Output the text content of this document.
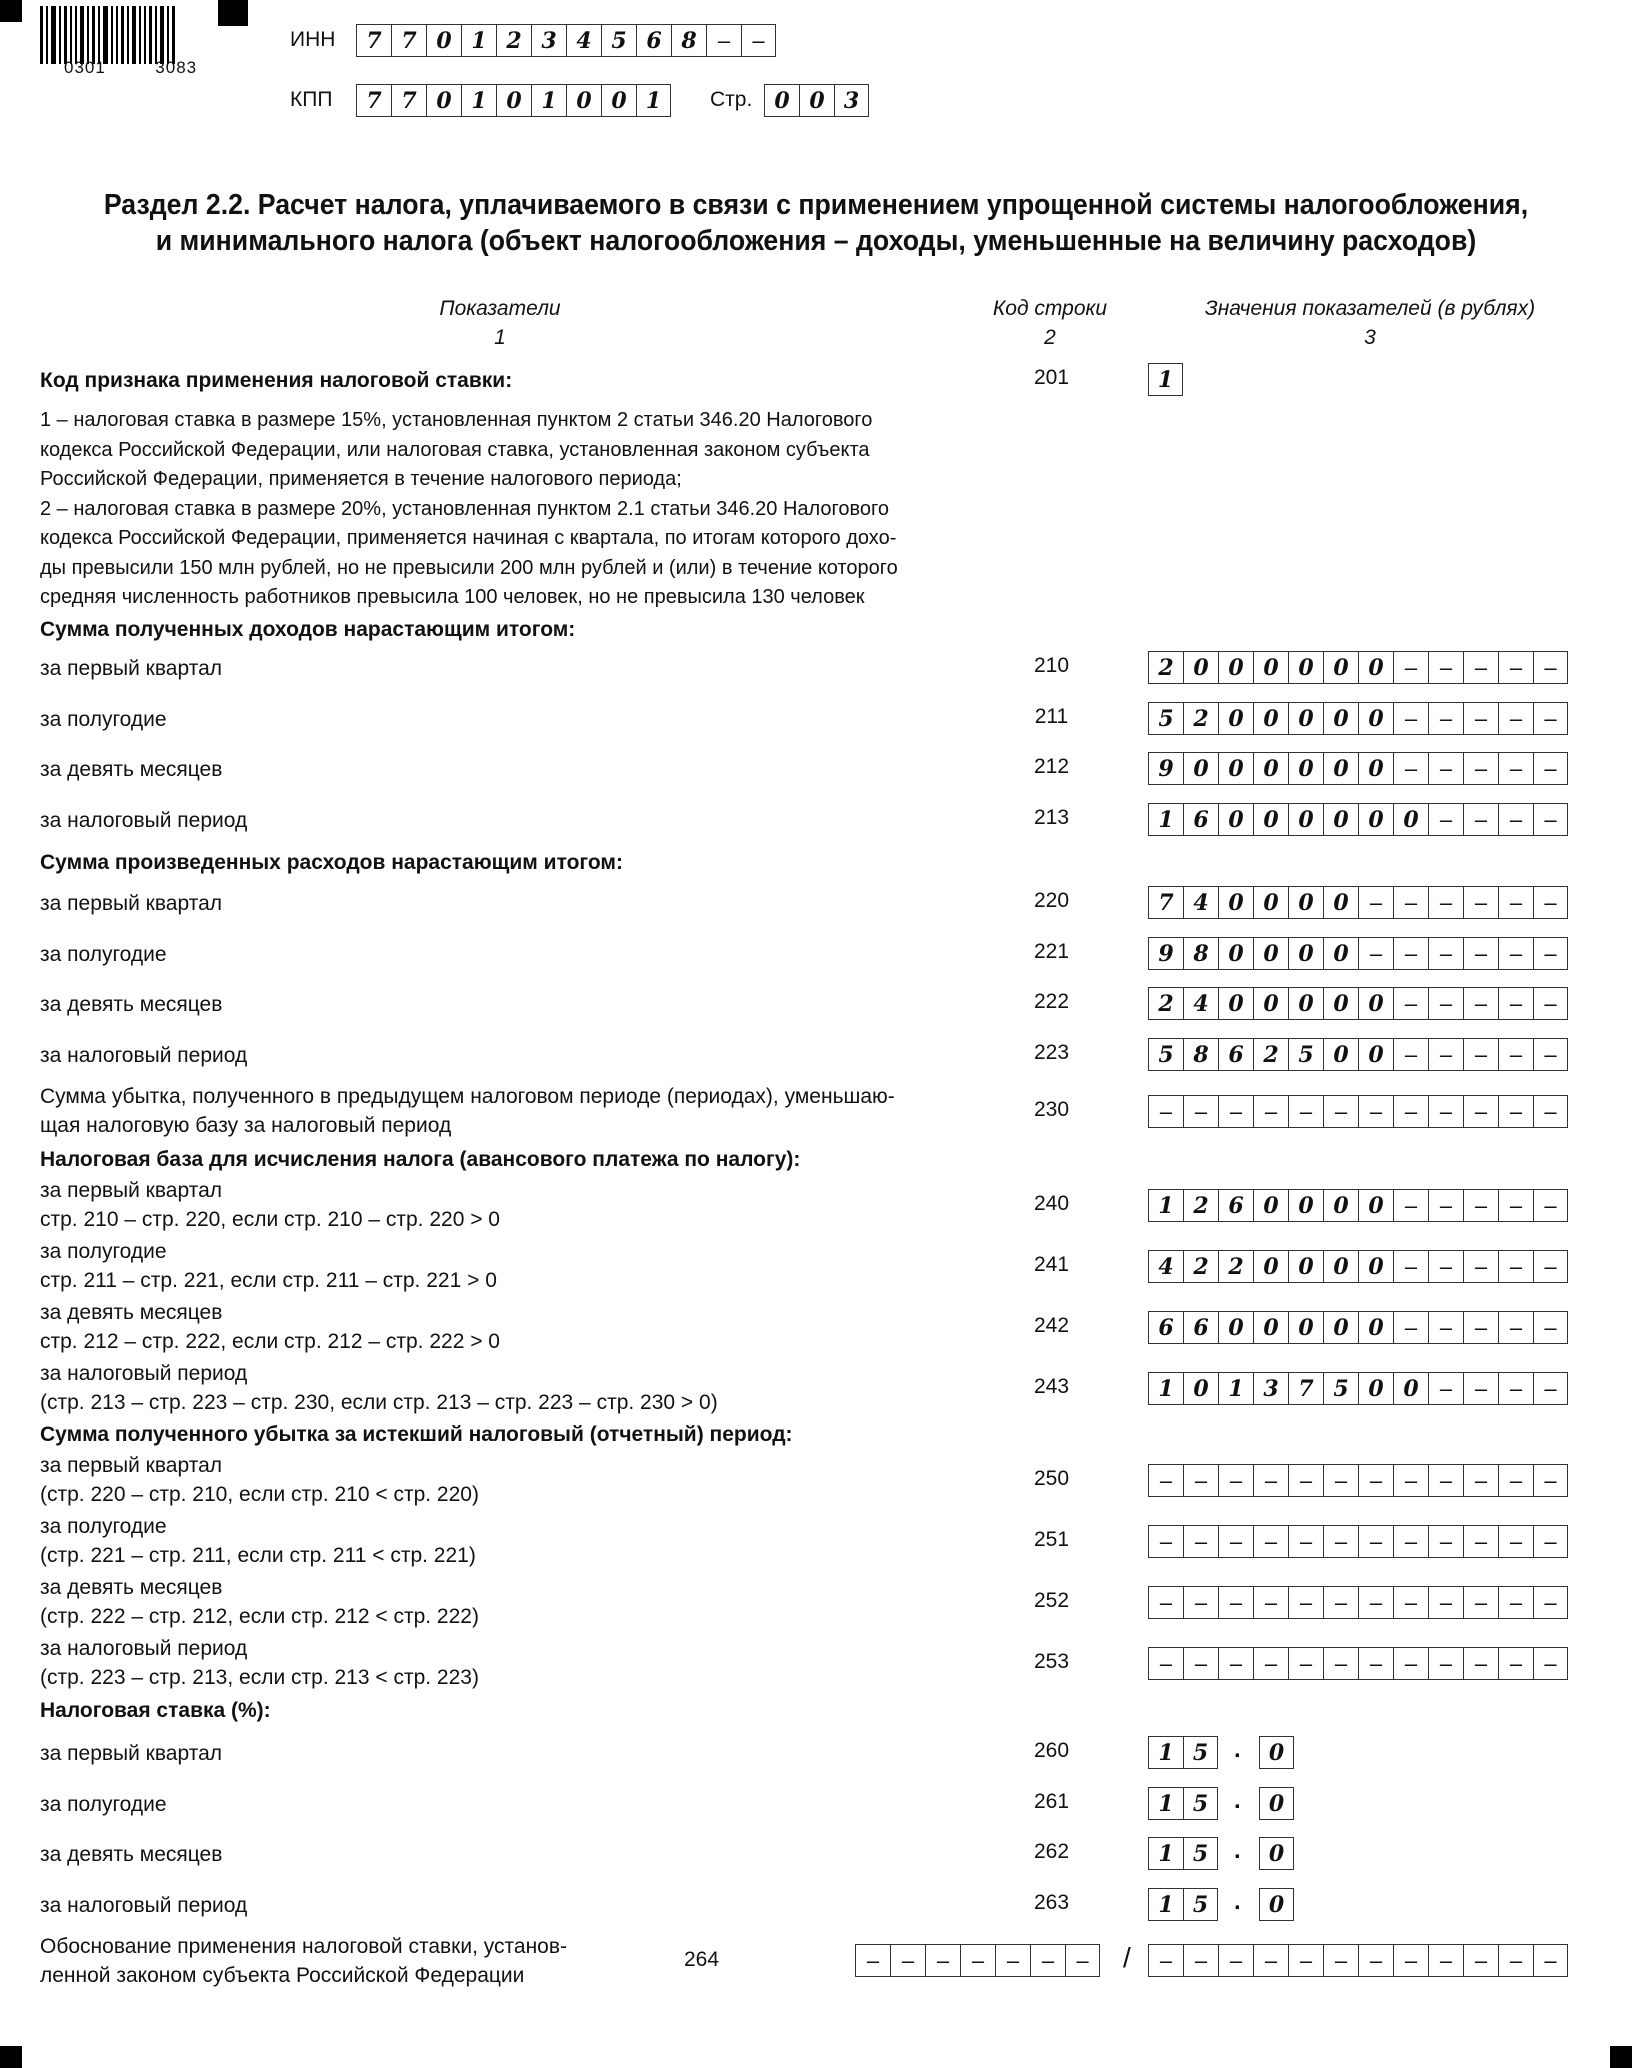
0301	3083
ИНН	7 7 0 1 2 3 4 5 6 8 –	–
КПП	7 7 0 1 0 1 0 0 1	Стр.	0 0 3
Раздел 2.2. Расчет налога, уплачиваемого в связи с применением упрощенной системы налогообложения,
и минимального налога (объект налогообложения – доходы, уменьшенные на величину расходов)
Показатели
1
Код строки
2
Значения показателей (в рублях)
3
Код признака применения налоговой ставки:	201	1
1 – налоговая ставка в размере 15%, установленная пунктом 2 статьи 346.20 Налогового
кодекса Российской Федерации, или налоговая ставка, установленная законом субъекта
Российской Федерации, применяется в течение налогового периода;
2 – налоговая ставка в размере 20%, установленная пунктом 2.1 статьи 346.20 Налогового
кодекса Российской Федерации, применяется начиная с квартала, по итогам которого дохо-
ды превысили 150 млн рублей, но не превысили 200 млн рублей и (или) в течение которого
средняя численность работников превысила 100 человек, но не превысила 130 человек
Сумма полученных доходов нарастающим итогом:
за первый квартал	210	2 0 0 0 0 0 0 –	–	–	–	–
за полугодие	211	5 2 0 0 0 0 0 –	–	–	–	–
за девять месяцев	212	9 0 0 0 0 0 0 –	–	–	–	–
за налоговый период	213	1 6 0 0 0 0 0 0 –	–	–	–
Сумма произведенных расходов нарастающим итогом:
за первый квартал	220	7 4 0 0 0 0 –	–	–	–	–	–
за полугодие	221	9 8 0 0 0 0 –	–	–	–	–	–
за девять месяцев	222	2 4 0 0 0 0 0 –	–	–	–	–
за налоговый период	223	5 8 6 2 5 0 0 –	–	–	–	–
Сумма убытка, полученного в предыдущем налоговом периоде (периодах), уменьшаю-
щая налоговую базу за налоговый период
230	–	–	–	–	–	–	–	–	–	–	–	–
Налоговая база для исчисления налога (авансового платежа по налогу):
за первый квартал
стр. 210 – стр. 220, если стр. 210 – стр. 220 > 0
240	1 2 6 0 0 0 0 –	–	–	–	–
за полугодие
стр. 211 – стр. 221, если стр. 211 – стр. 221 > 0
241	4 2 2 0 0 0 0 –	–	–	–	–
за девять месяцев
стр. 212 – стр. 222, если стр. 212 – стр. 222 > 0
242	6 6 0 0 0 0 0 –	–	–	–	–
за налоговый период
(стр. 213 – стр. 223 – стр. 230, если стр. 213 – стр. 223 – стр. 230 > 0)
243	1 0 1 3 7 5 0 0 –	–	–	–
Сумма полученного убытка за истекший налоговый (отчетный) период:
за первый квартал
(стр. 220 – стр. 210, если стр. 210 < стр. 220)
250	–	–	–	–	–	–	–	–	–	–	–	–
за полугодие
(стр. 221 – стр. 211, если стр. 211 < стр. 221)
251	–	–	–	–	–	–	–	–	–	–	–	–
за девять месяцев
(стр. 222 – стр. 212, если стр. 212 < стр. 222)
252	–	–	–	–	–	–	–	–	–	–	–	–
за налоговый период
(стр. 223 – стр. 213, если стр. 213 < стр. 223)
253	–	–	–	–	–	–	–	–	–	–	–	–
Налоговая ставка (%):
за первый квартал	260	1 5	.	0
за полугодие	261	1 5	.	0
за девять месяцев	262	1 5	.	0
за налоговый период	263	1 5	.	0
Обоснование применения налоговой ставки, установ-
ленной законом субъекта Российской Федерации
264	–	–	–	–	–	–	–	/	–	–	–	–	–	–	–	–	–	–	–	–
